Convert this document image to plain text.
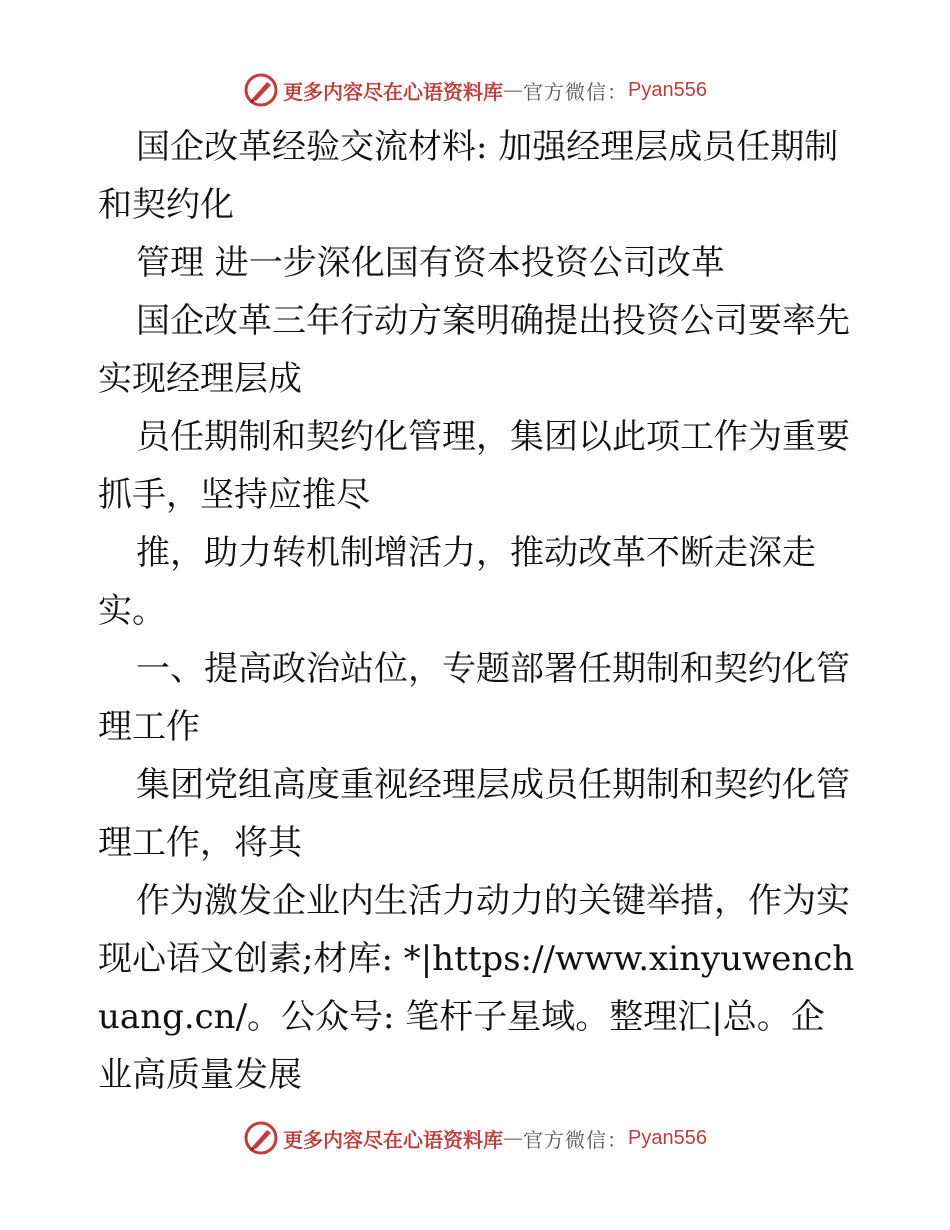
更多内容尽在心语资料库 — 官方微信： Pyan556

国企改革经验交流材料: 加强经理层成员任期制和契约化

管理 进一步深化国有资本投资公司改革

国企改革三年行动方案明确提出投资公司要率先实现经理层成

员任期制和契约化管理，集团以此项工作为重要抓手，坚持应推尽

推，助力转机制增活力，推动改革不断走深走实。

一、提高政治站位，专题部署任期制和契约化管理工作

集团党组高度重视经理层成员任期制和契约化管理工作，将其

作为激发企业内生活力动力的关键举措，作为实现心语文创素;材库: *|https://www.xinyuwenchuang.cn/。公众号: 笔杆子星域。整理汇|总。企业高质量发展

更多内容尽在心语资料库 — 官方微信： Pyan556
